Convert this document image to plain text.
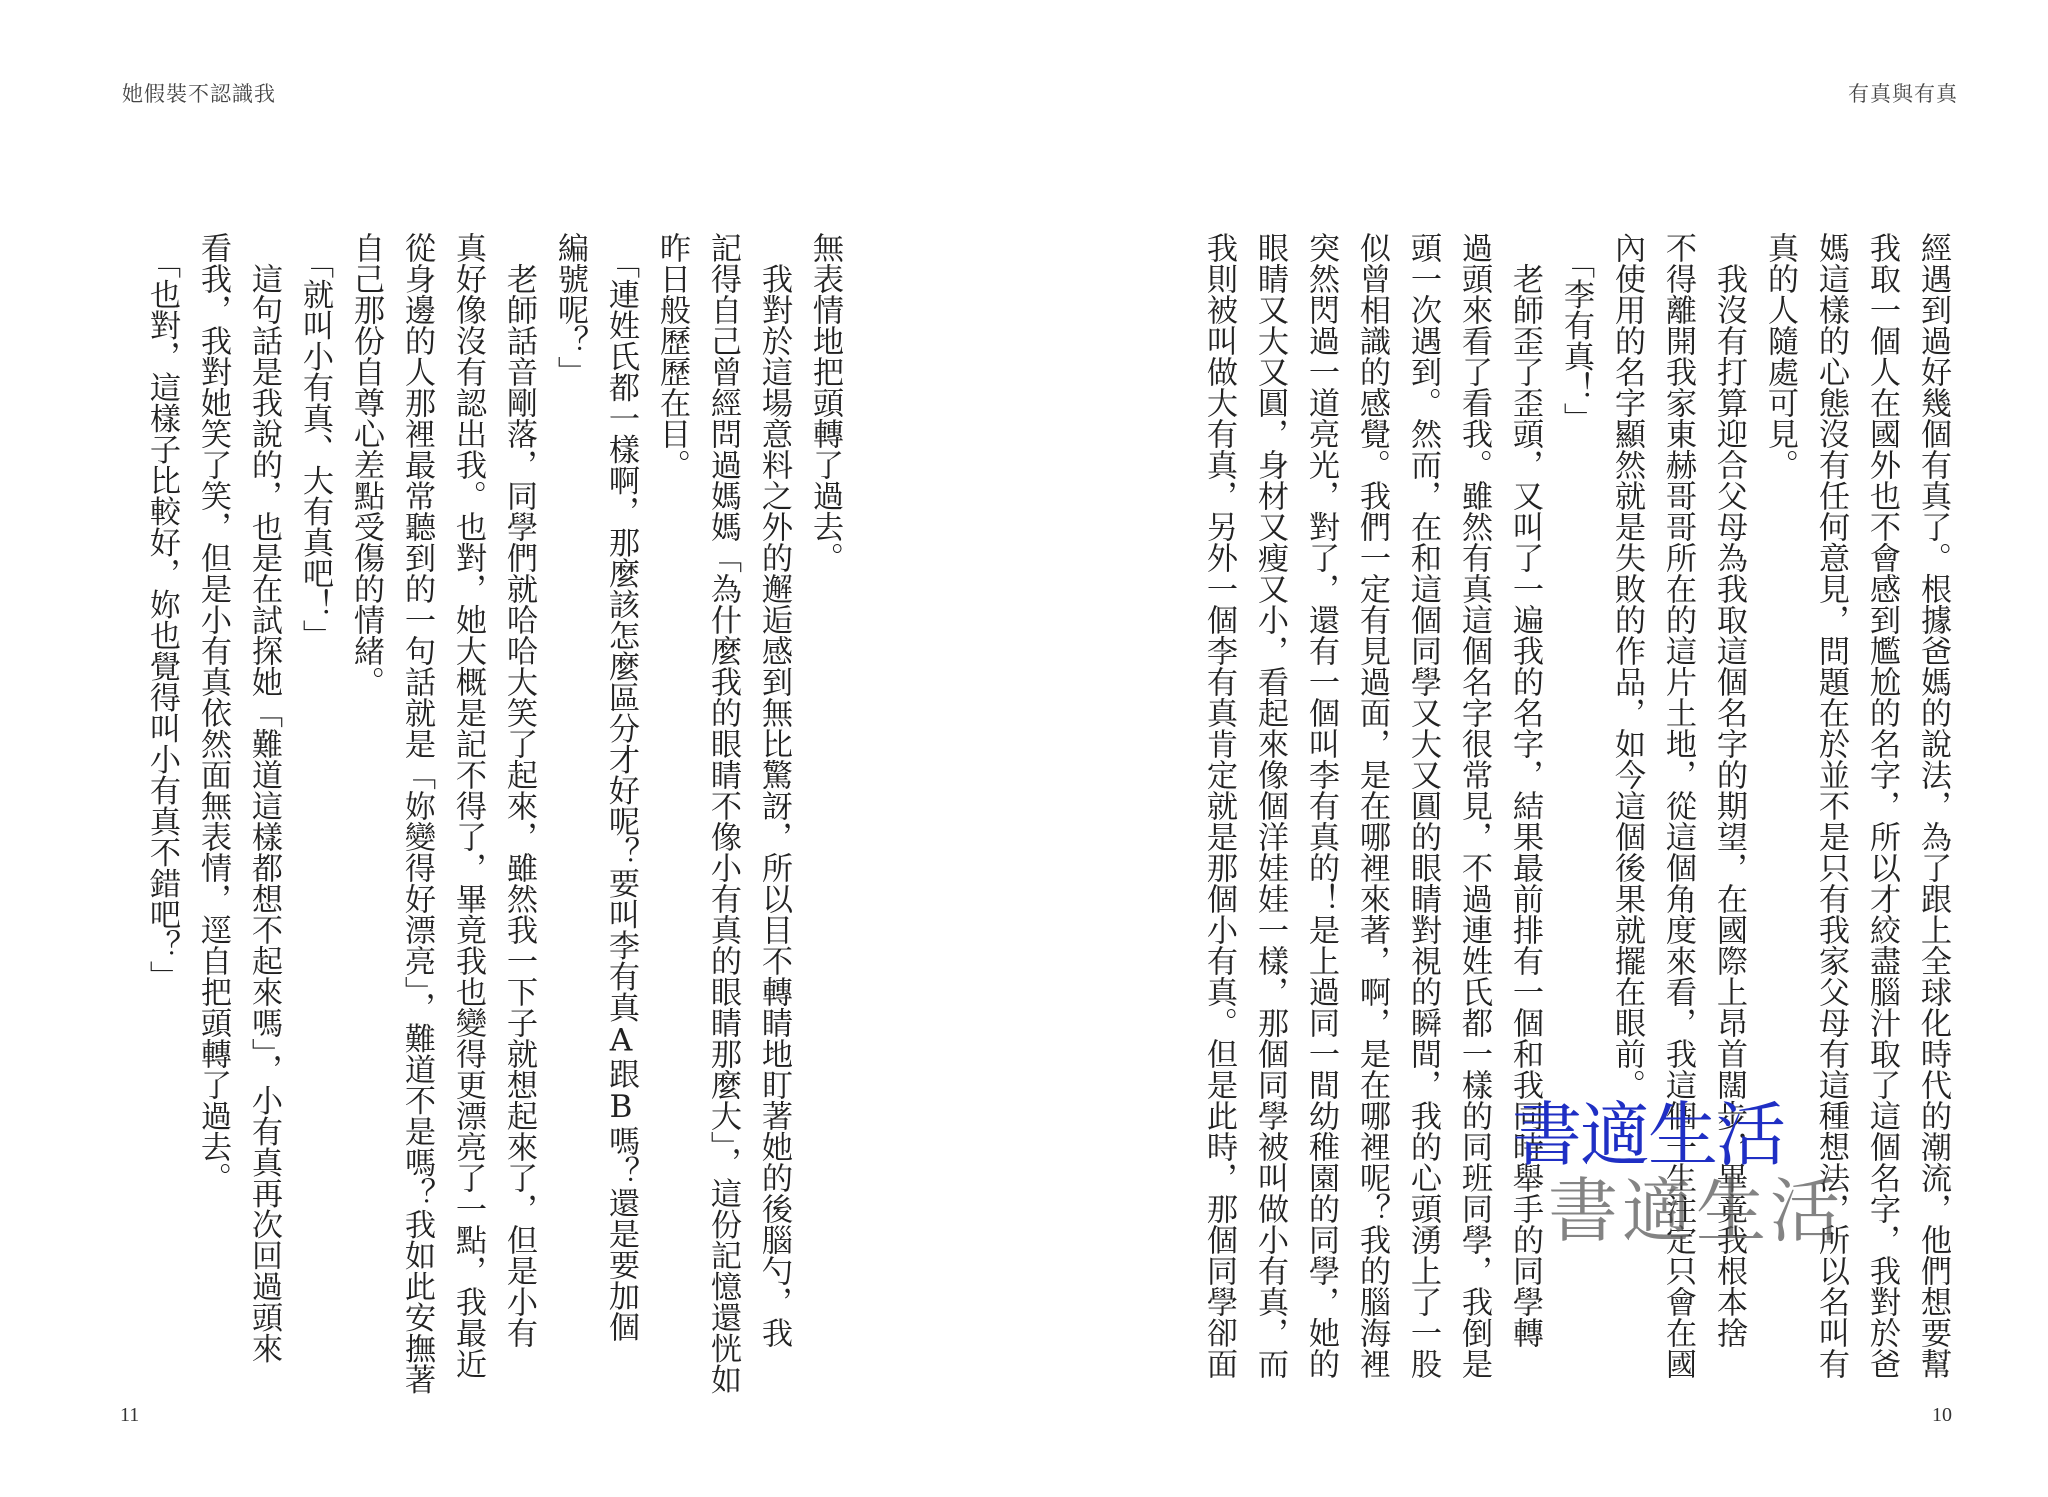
她假裝不認識我	有真與有真
經遇到過好幾個有真了。根據爸媽的說法，為了跟上全球化時代的潮流，他們想要幫
我取一個人在國外也不會感到尷尬的名字，所以才絞盡腦汁取了這個名字，我對於爸
媽這樣的心態沒有任何意見，問題在於並不是只有我家父母有這種想法，所以名叫有
真的人隨處可見。
　我沒有打算迎合父母為我取這個名字的期望，在國際上昂首闊步，畢竟我根本捨
不得離開我家東赫哥哥所在的這片土地，從這個角度來看，我這個一生注定只會在國
內使用的名字顯然就是失敗的作品，如今這個後果就擺在眼前。
　「李有真！」
　老師歪了歪頭，又叫了一遍我的名字，結果最前排有一個和我同時舉手的同學轉
過頭來看了看我。雖然有真這個名字很常見，不過連姓氏都一樣的同班同學，我倒是
頭一次遇到。然而，在和這個同學又大又圓的眼睛對視的瞬間，我的心頭湧上了一股
似曾相識的感覺。我們一定有見過面，是在哪裡來著，啊，是在哪裡呢？我的腦海裡
突然閃過一道亮光，對了，還有一個叫李有真的！是上過同一間幼稚園的同學，她的
眼睛又大又圓，身材又瘦又小，看起來像個洋娃娃一樣，那個同學被叫做小有真，而
我則被叫做大有真，另外一個李有真肯定就是那個小有真。但是此時，那個同學卻面
無表情地把頭轉了過去。
　我對於這場意料之外的邂逅感到無比驚訝，所以目不轉睛地盯著她的後腦勺，我
記得自己曾經問過媽媽「為什麼我的眼睛不像小有真的眼睛那麼大」，這份記憶還恍如
昨日般歷歷在目。
　「連姓氏都一樣啊，那麼該怎麼區分才好呢？要叫李有真A跟B嗎？還是要加個
編號呢？」
　老師話音剛落，同學們就哈哈大笑了起來，雖然我一下子就想起來了，但是小有
真好像沒有認出我。也對，她大概是記不得了，畢竟我也變得更漂亮了一點，我最近
從身邊的人那裡最常聽到的一句話就是「妳變得好漂亮」，難道不是嗎？我如此安撫著
自己那份自尊心差點受傷的情緒。
　「就叫小有真、大有真吧！」
　這句話是我說的，也是在試探她「難道這樣都想不起來嗎」，小有真再次回過頭來
看我，我對她笑了笑，但是小有真依然面無表情，逕自把頭轉了過去。
　「也對，這樣子比較好，妳也覺得叫小有真不錯吧？」
書適生活
書適生活
11	10
